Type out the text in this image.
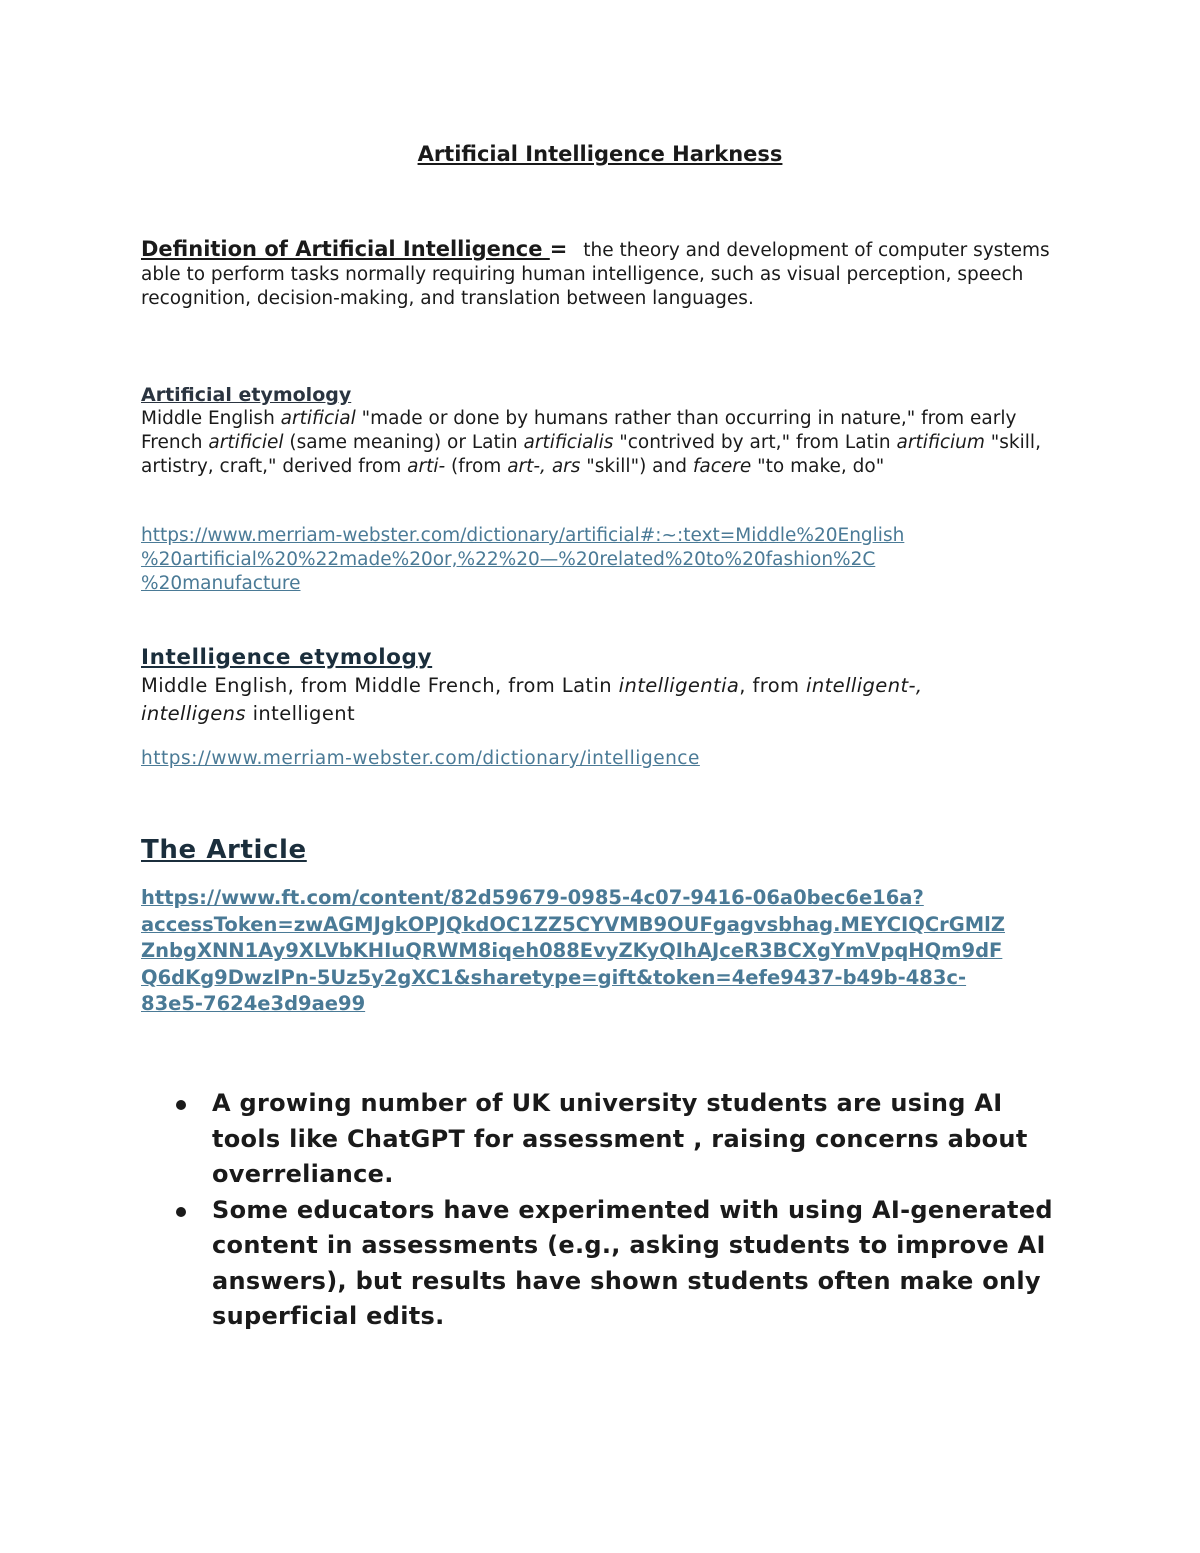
Artificial Intelligence Harkness

Definition of Artificial Intelligence = the theory and development of computer systems able to perform tasks normally requiring human intelligence, such as visual perception, speech recognition, decision-making, and translation between languages.

Artificial etymology

Middle English artificial "made or done by humans rather than occurring in nature," from early French artificiel (same meaning) or Latin artificialis "contrived by art," from Latin artificium "skill, artistry, craft," derived from arti- (from art-, ars "skill") and facere "to make, do"

https://www.merriam-webster.com/dictionary/artificial#:~:text=Middle%20English
%20artificial%20%22made%20or,%22%20—%20related%20to%20fashion%2C
%20manufacture
Intelligence etymology

Middle English, from Middle French, from Latin intelligentia, from intelligent-,
intelligens intelligent

https://www.merriam-webster.com/dictionary/intelligence
The Article
https://www.ft.com/content/82d59679-0985-4c07-9416-06a0bec6e16a?
accessToken=zwAGMJgkOPJQkdOC1ZZ5CYVMB9OUFgagvsbhag.MEYCIQCrGMlZ
ZnbgXNN1Ay9XLVbKHIuQRWM8iqeh088EvyZKyQIhAJceR3BCXgYmVpqHQm9dF
Q6dKg9DwzIPn-5Uz5y2gXC1&sharetype=gift&token=4efe9437-b49b-483c-
83e5-7624e3d9ae99
A growing number of UK university students are using AI tools like ChatGPT for assessment , raising concerns about overreliance.
Some educators have experimented with using AI-generated content in assessments (e.g., asking students to improve AI answers), but results have shown students often make only superficial edits.
